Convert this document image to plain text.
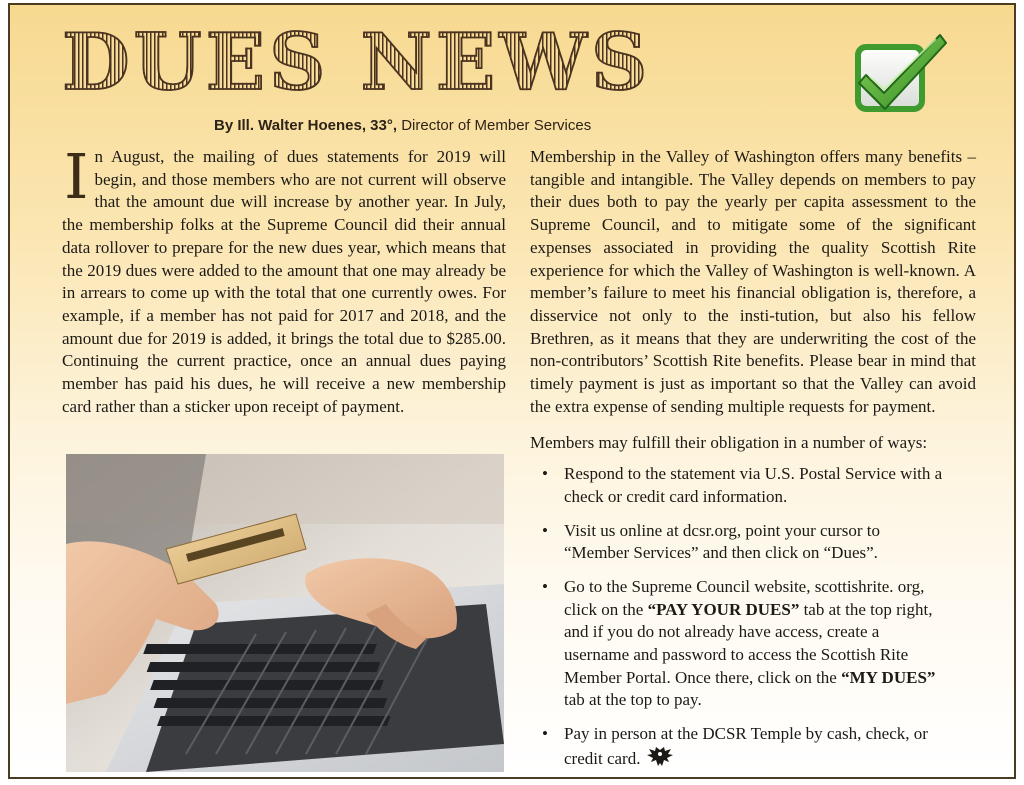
DUES NEWS
By Ill. Walter Hoenes, 33°, Director of Member Services

In August, the mailing of dues statements for 2019 will begin, and those members who are not current will observe that the amount due will increase by another year. In July, the membership folks at the Supreme Council did their annual data rollover to prepare for the new dues year, which means that the 2019 dues were added to the amount that one may already be in arrears to come up with the total that one currently owes. For example, if a member has not paid for 2017 and 2018, and the amount due for 2019 is added, it brings the total due to $285.00. Continuing the current practice, once an annual dues paying member has paid his dues, he will receive a new membership card rather than a sticker upon receipt of payment.

Membership in the Valley of Washington offers many benefits – tangible and intangible. The Valley depends on members to pay their dues both to pay the yearly per capita assessment to the Supreme Council, and to mitigate some of the significant expenses associated in providing the quality Scottish Rite experience for which the Valley of Washington is well-known. A member’s failure to meet his financial obligation is, therefore, a disservice not only to the insti-tution, but also his fellow Brethren, as it means that they are underwriting the cost of the non-contributors’ Scottish Rite benefits. Please bear in mind that timely payment is just as important so that the Valley can avoid the extra expense of sending multiple requests for payment.

Members may fulfill their obligation in a number of ways:

• Respond to the statement via U.S. Postal Service with a check or credit card information.
• Visit us online at dcsr.org, point your cursor to “Member Services” and then click on “Dues”.
• Go to the Supreme Council website, scottishrite. org, click on the “PAY YOUR DUES” tab at the top right, and if you do not already have access, create a username and password to access the Scottish Rite Member Portal. Once there, click on the “MY DUES” tab at the top to pay.
• Pay in person at the DCSR Temple by cash, check, or credit card.
